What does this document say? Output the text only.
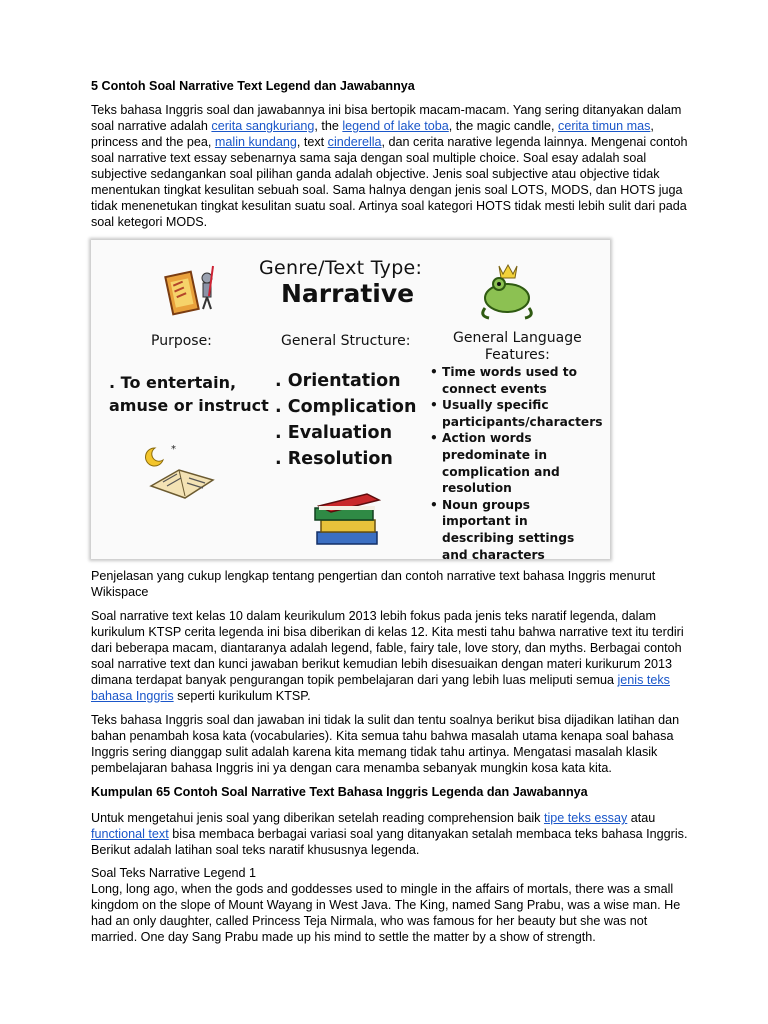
5 Contoh Soal Narrative Text Legend dan Jawabannya

Teks bahasa Inggris soal dan jawabannya ini bisa bertopik macam-macam. Yang sering ditanyakan dalam soal narrative adalah cerita sangkuriang, the legend of lake toba, the magic candle, cerita timun mas, princess and the pea, malin kundang, text cinderella, dan cerita narative legenda lainnya. Mengenai contoh soal narrative text essay sebenarnya sama saja dengan soal multiple choice. Soal esay adalah soal subjective sedangankan soal pilihan ganda adalah objective. Jenis soal subjective atau objective tidak menentukan tingkat kesulitan sebuah soal. Sama halnya dengan jenis soal LOTS, MODS, dan HOTS juga tidak menenetukan tingkat kesulitan suatu soal. Artinya soal kategori HOTS tidak mesti lebih sulit dari pada soal ketegori MODS.

*
Genre/Text Type:
Narrative
Purpose:	General Structure:	General Language
Features:
. To entertain,
amuse or instruct
. Orientation
. Complication
. Evaluation
. Resolution
• Time words used to connect events
• Usually specific participants/characters
• Action words predominate in complication and resolution
• Noun groups important in describing settings and characters

Penjelasan yang cukup lengkap tentang pengertian dan contoh narrative text bahasa Inggris menurut Wikispace

Soal narrative text kelas 10 dalam keurikulum 2013 lebih fokus pada jenis teks naratif legenda, dalam kurikulum KTSP cerita legenda ini bisa diberikan di kelas 12. Kita mesti tahu bahwa narrative text itu terdiri dari beberapa macam, diantaranya adalah legend, fable, fairy tale, love story, dan myths. Berbagai contoh soal narrative text dan kunci jawaban berikut kemudian lebih disesuaikan dengan materi kurikurum 2013 dimana terdapat banyak pengurangan topik pembelajaran dari yang lebih luas meliputi semua jenis teks bahasa Inggris seperti kurikulum KTSP.

Teks bahasa Inggris soal dan jawaban ini tidak la sulit dan tentu soalnya berikut bisa dijadikan latihan dan bahan penambah kosa kata (vocabularies). Kita semua tahu bahwa masalah utama kenapa soal bahasa Inggris sering dianggap sulit adalah karena kita memang tidak tahu artinya. Mengatasi masalah klasik pembelajaran bahasa Inggris ini ya dengan cara menamba sebanyak mungkin kosa kata kita.

Kumpulan 65 Contoh Soal Narrative Text Bahasa Inggris Legenda dan Jawabannya

Untuk mengetahui jenis soal yang diberikan setelah reading comprehension baik tipe teks essay atau functional text bisa membaca berbagai variasi soal yang ditanyakan setalah membaca teks bahasa Inggris. Berikut adalah latihan soal teks naratif khususnya legenda.

Soal Teks Narrative Legend 1

Long, long ago, when the gods and goddesses used to mingle in the affairs of mortals, there was a small kingdom on the slope of Mount Wayang in West Java. The King, named Sang Prabu, was a wise man. He had an only daughter, called Princess Teja Nirmala, who was famous for her beauty but she was not married. One day Sang Prabu made up his mind to settle the matter by a show of strength.
